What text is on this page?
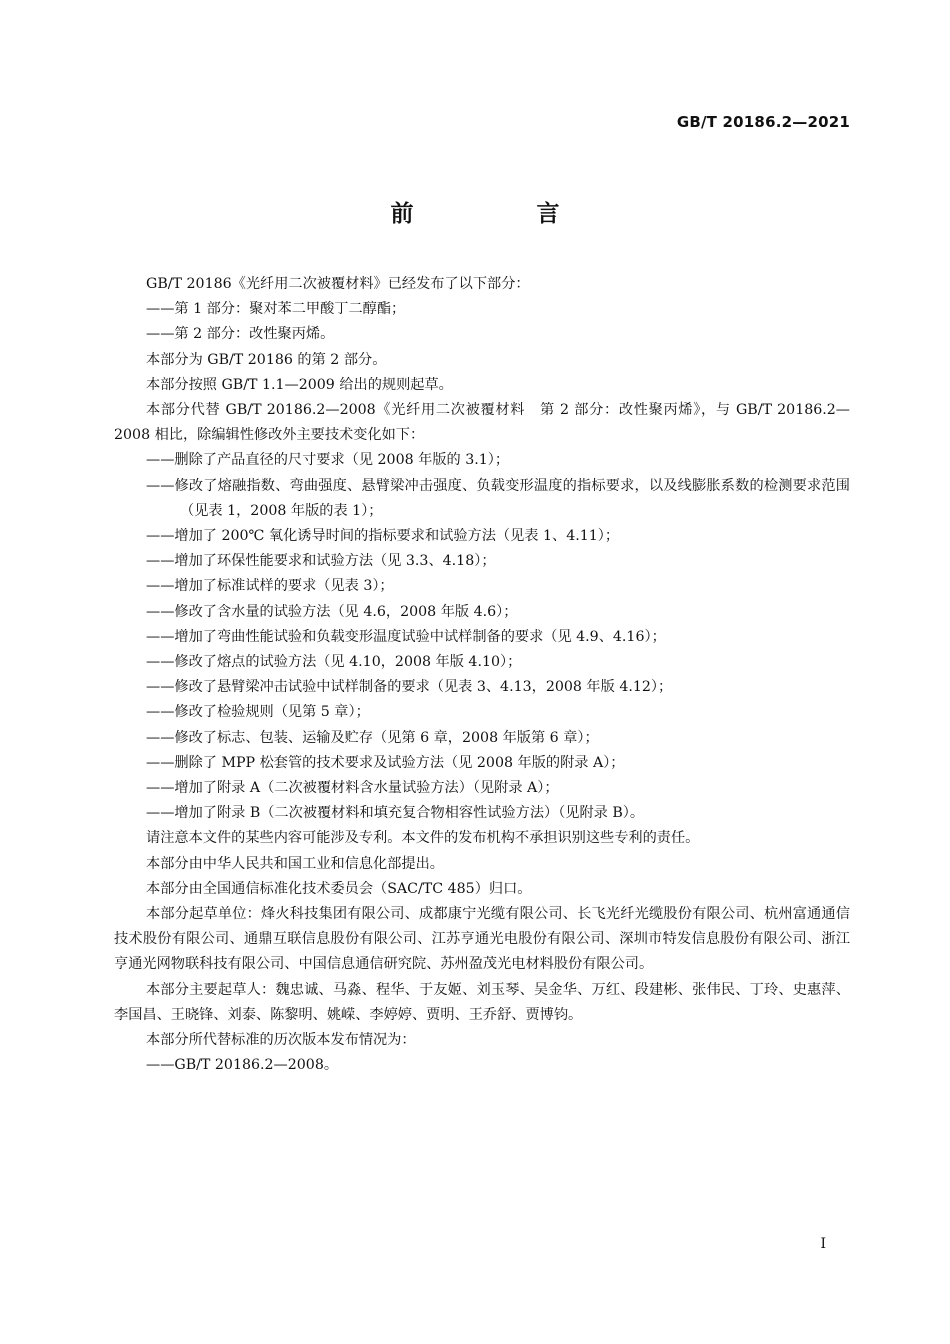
GB/T 20186.2—2021
前　言

GB/T 20186《光纤用二次被覆材料》已经发布了以下部分：

——第 1 部分：聚对苯二甲酸丁二醇酯；

——第 2 部分：改性聚丙烯。

本部分为 GB/T 20186 的第 2 部分。

本部分按照 GB/T 1.1—2009 给出的规则起草。

本部分代替 GB/T 20186.2—2008《光纤用二次被覆材料　第 2 部分：改性聚丙烯》，与 GB/T 20186.2—2008 相比，除编辑性修改外主要技术变化如下：

——删除了产品直径的尺寸要求（见 2008 年版的 3.1）；

——修改了熔融指数、弯曲强度、悬臂梁冲击强度、负载变形温度的指标要求，以及线膨胀系数的检测要求范围（见表 1，2008 年版的表 1）；

——增加了 200℃ 氧化诱导时间的指标要求和试验方法（见表 1、4.11）；

——增加了环保性能要求和试验方法（见 3.3、4.18）；

——增加了标准试样的要求（见表 3）；

——修改了含水量的试验方法（见 4.6，2008 年版 4.6）；

——增加了弯曲性能试验和负载变形温度试验中试样制备的要求（见 4.9、4.16）；

——修改了熔点的试验方法（见 4.10，2008 年版 4.10）；

——修改了悬臂梁冲击试验中试样制备的要求（见表 3、4.13，2008 年版 4.12）；

——修改了检验规则（见第 5 章）；

——修改了标志、包装、运输及贮存（见第 6 章，2008 年版第 6 章）；

——删除了 MPP 松套管的技术要求及试验方法（见 2008 年版的附录 A）；

——增加了附录 A（二次被覆材料含水量试验方法）（见附录 A）；

——增加了附录 B（二次被覆材料和填充复合物相容性试验方法）（见附录 B）。

请注意本文件的某些内容可能涉及专利。本文件的发布机构不承担识别这些专利的责任。

本部分由中华人民共和国工业和信息化部提出。

本部分由全国通信标准化技术委员会（SAC/TC 485）归口。

本部分起草单位：烽火科技集团有限公司、成都康宁光缆有限公司、长飞光纤光缆股份有限公司、杭州富通通信技术股份有限公司、通鼎互联信息股份有限公司、江苏亨通光电股份有限公司、深圳市特发信息股份有限公司、浙江亨通光网物联科技有限公司、中国信息通信研究院、苏州盈茂光电材料股份有限公司。

本部分主要起草人：魏忠诚、马淼、程华、于友姬、刘玉琴、吴金华、万红、段建彬、张伟民、丁玲、史惠萍、李国昌、王晓锋、刘泰、陈黎明、姚嵘、李婷婷、贾明、王乔舒、贾博钧。

本部分所代替标准的历次版本发布情况为：

——GB/T 20186.2—2008。

I
